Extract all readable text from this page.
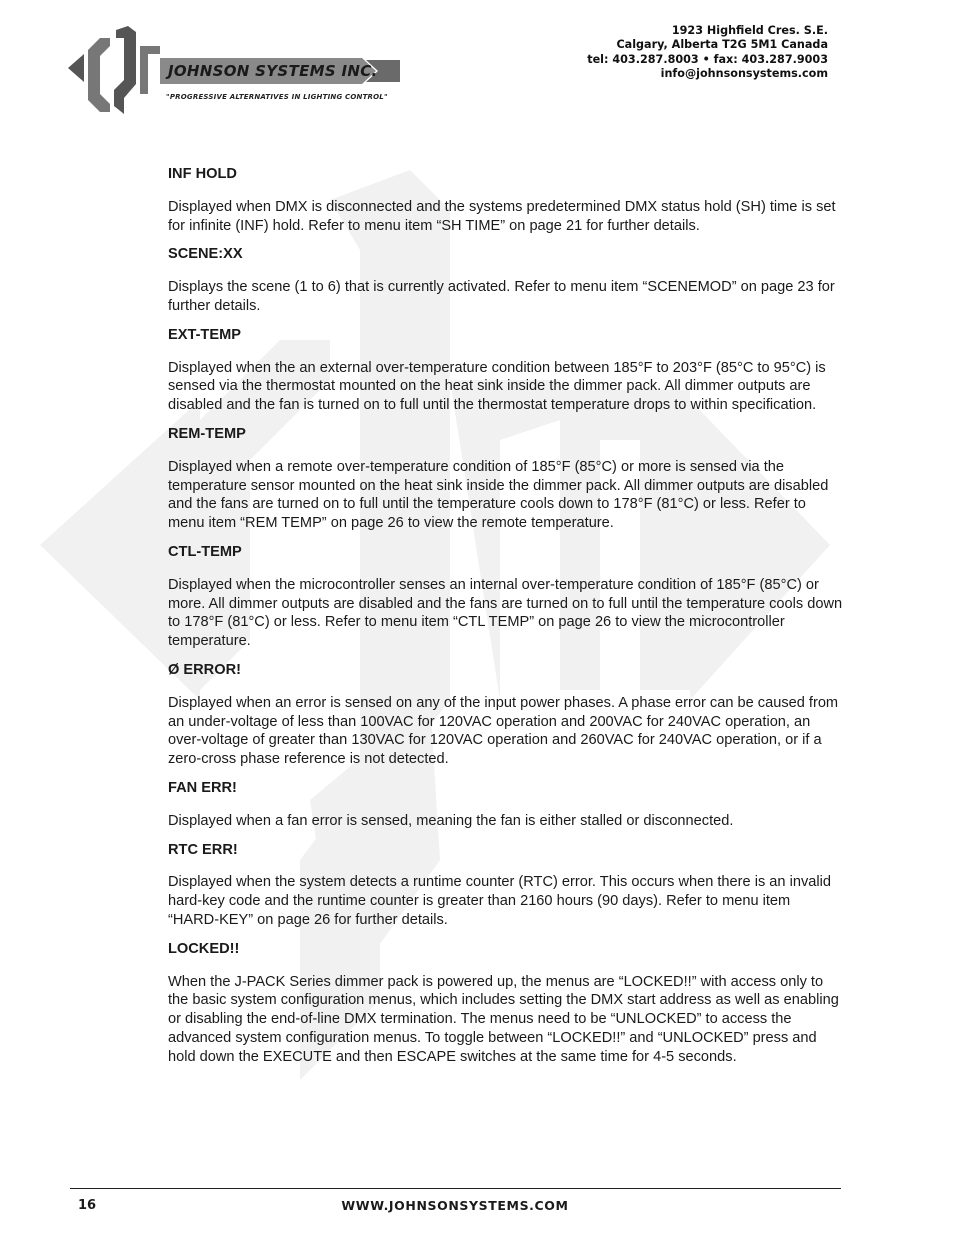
JOHNSON SYSTEMS INC.
"PROGRESSIVE ALTERNATIVES IN LIGHTING CONTROL"
1923 Highfield Cres. S.E.
Calgary, Alberta T2G 5M1 Canada
tel: 403.287.8003 • fax: 403.287.9003
info@johnsonsystems.com
INF HOLD

Displayed when DMX is disconnected and the systems predetermined DMX status hold (SH) time is set for infinite (INF) hold. Refer to menu item “SH TIME” on page 21 for further details.

SCENE:XX

Displays the scene (1 to 6) that is currently activated. Refer to menu item “SCENEMOD” on page 23 for further details.

EXT-TEMP

Displayed when the an external over-temperature condition between 185°F to 203°F (85°C to 95°C) is sensed via the thermostat mounted on the heat sink inside the dimmer pack. All dimmer outputs are disabled and the fan is turned on to full until the thermostat temperature drops to within specification.

REM-TEMP

Displayed when a remote over-temperature condition of 185°F (85°C) or more is sensed via the temperature sensor mounted on the heat sink inside the dimmer pack. All dimmer outputs are disabled and the fans are turned on to full until the temperature cools down to 178°F (81°C) or less. Refer to menu item “REM TEMP” on page 26 to view the remote temperature.

CTL-TEMP

Displayed when the microcontroller senses an internal over-temperature condition of 185°F (85°C) or more. All dimmer outputs are disabled and the fans are turned on to full until the temperature cools down to 178°F (81°C) or less. Refer to menu item “CTL TEMP” on page 26 to view the microcontroller temperature.

Ø ERROR!

Displayed when an error is sensed on any of the input power phases. A phase error can be caused from an under-voltage of less than 100VAC for 120VAC operation and 200VAC for 240VAC operation, an over-voltage of greater than 130VAC for 120VAC operation and 260VAC for 240VAC operation, or if a zero-cross phase reference is not detected.

FAN ERR!

Displayed when a fan error is sensed, meaning the fan is either stalled or disconnected.

RTC ERR!

Displayed when the system detects a runtime counter (RTC) error. This occurs when there is an invalid hard-key code and the runtime counter is greater than 2160 hours (90 days). Refer to menu item “HARD-KEY” on page 26 for further details.

LOCKED!!

When the J-PACK Series dimmer pack is powered up, the menus are “LOCKED!!” with access only to the basic system configuration menus, which includes setting the DMX start address as well as enabling or disabling the end-of-line DMX termination. The menus need to be “UNLOCKED” to access the advanced system configuration menus. To toggle between “LOCKED!!” and “UNLOCKED” press and hold down the EXECUTE and then ESCAPE switches at the same time for 4-5 seconds.

16	WWW.JOHNSONSYSTEMS.COM
